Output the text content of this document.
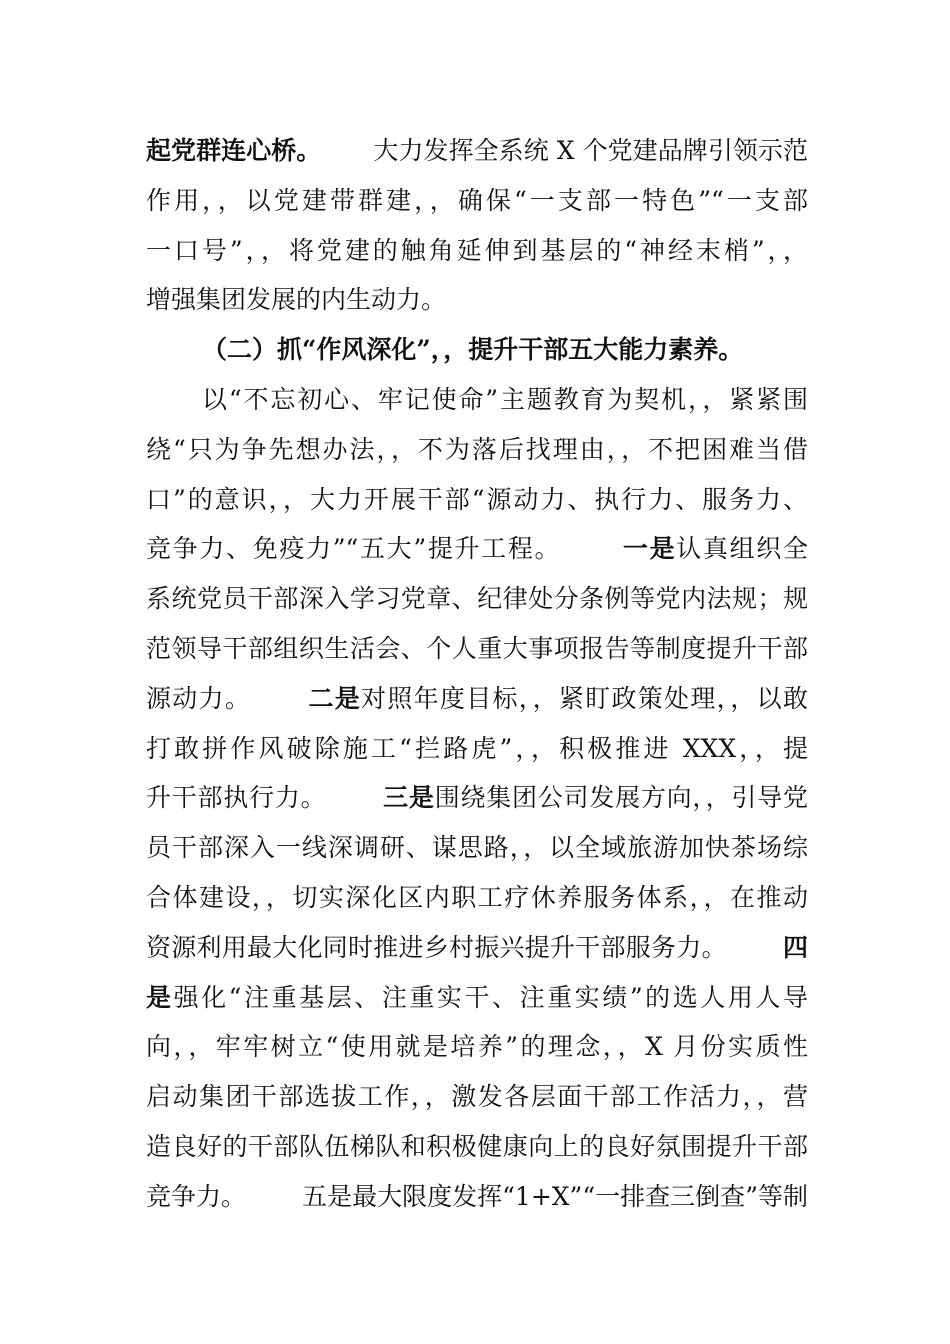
起党群连心桥。 大力发挥全系统 X 个党建品牌引领示范
作用，，以党建带群建，，确保“一支部一特色”“一支部
一口号”，，将党建的触角延伸到基层的“神经末梢”，，
增强集团发展的内生动力。
（二）抓“作风深化”，，提升干部五大能力素养。
以“不忘初心、牢记使命”主题教育为契机，，紧紧围
绕“只为争先想办法，，不为落后找理由，，不把困难当借
口”的意识，，大力开展干部“源动力、执行力、服务力、
竞争力、免疫力”“五大”提升工程。 一是认真组织全
系统党员干部深入学习党章、纪律处分条例等党内法规；规
范领导干部组织生活会、个人重大事项报告等制度提升干部
源动力。 二是对照年度目标，，紧盯政策处理，，以敢
打敢拼作风破除施工“拦路虎”，，积极推进 XXX，，提
升干部执行力。 三是围绕集团公司发展方向，，引导党
员干部深入一线深调研、谋思路，，以全域旅游加快茶场综
合体建设，，切实深化区内职工疗休养服务体系，，在推动
资源利用最大化同时推进乡村振兴提升干部服务力。 四
是强化“注重基层、注重实干、注重实绩”的选人用人导
向，，牢牢树立“使用就是培养”的理念，，X 月份实质性
启动集团干部选拔工作，，激发各层面干部工作活力，，营
造良好的干部队伍梯队和积极健康向上的良好氛围提升干部
竞争力。 五是最大限度发挥“1+X”“一排查三倒查”等制
